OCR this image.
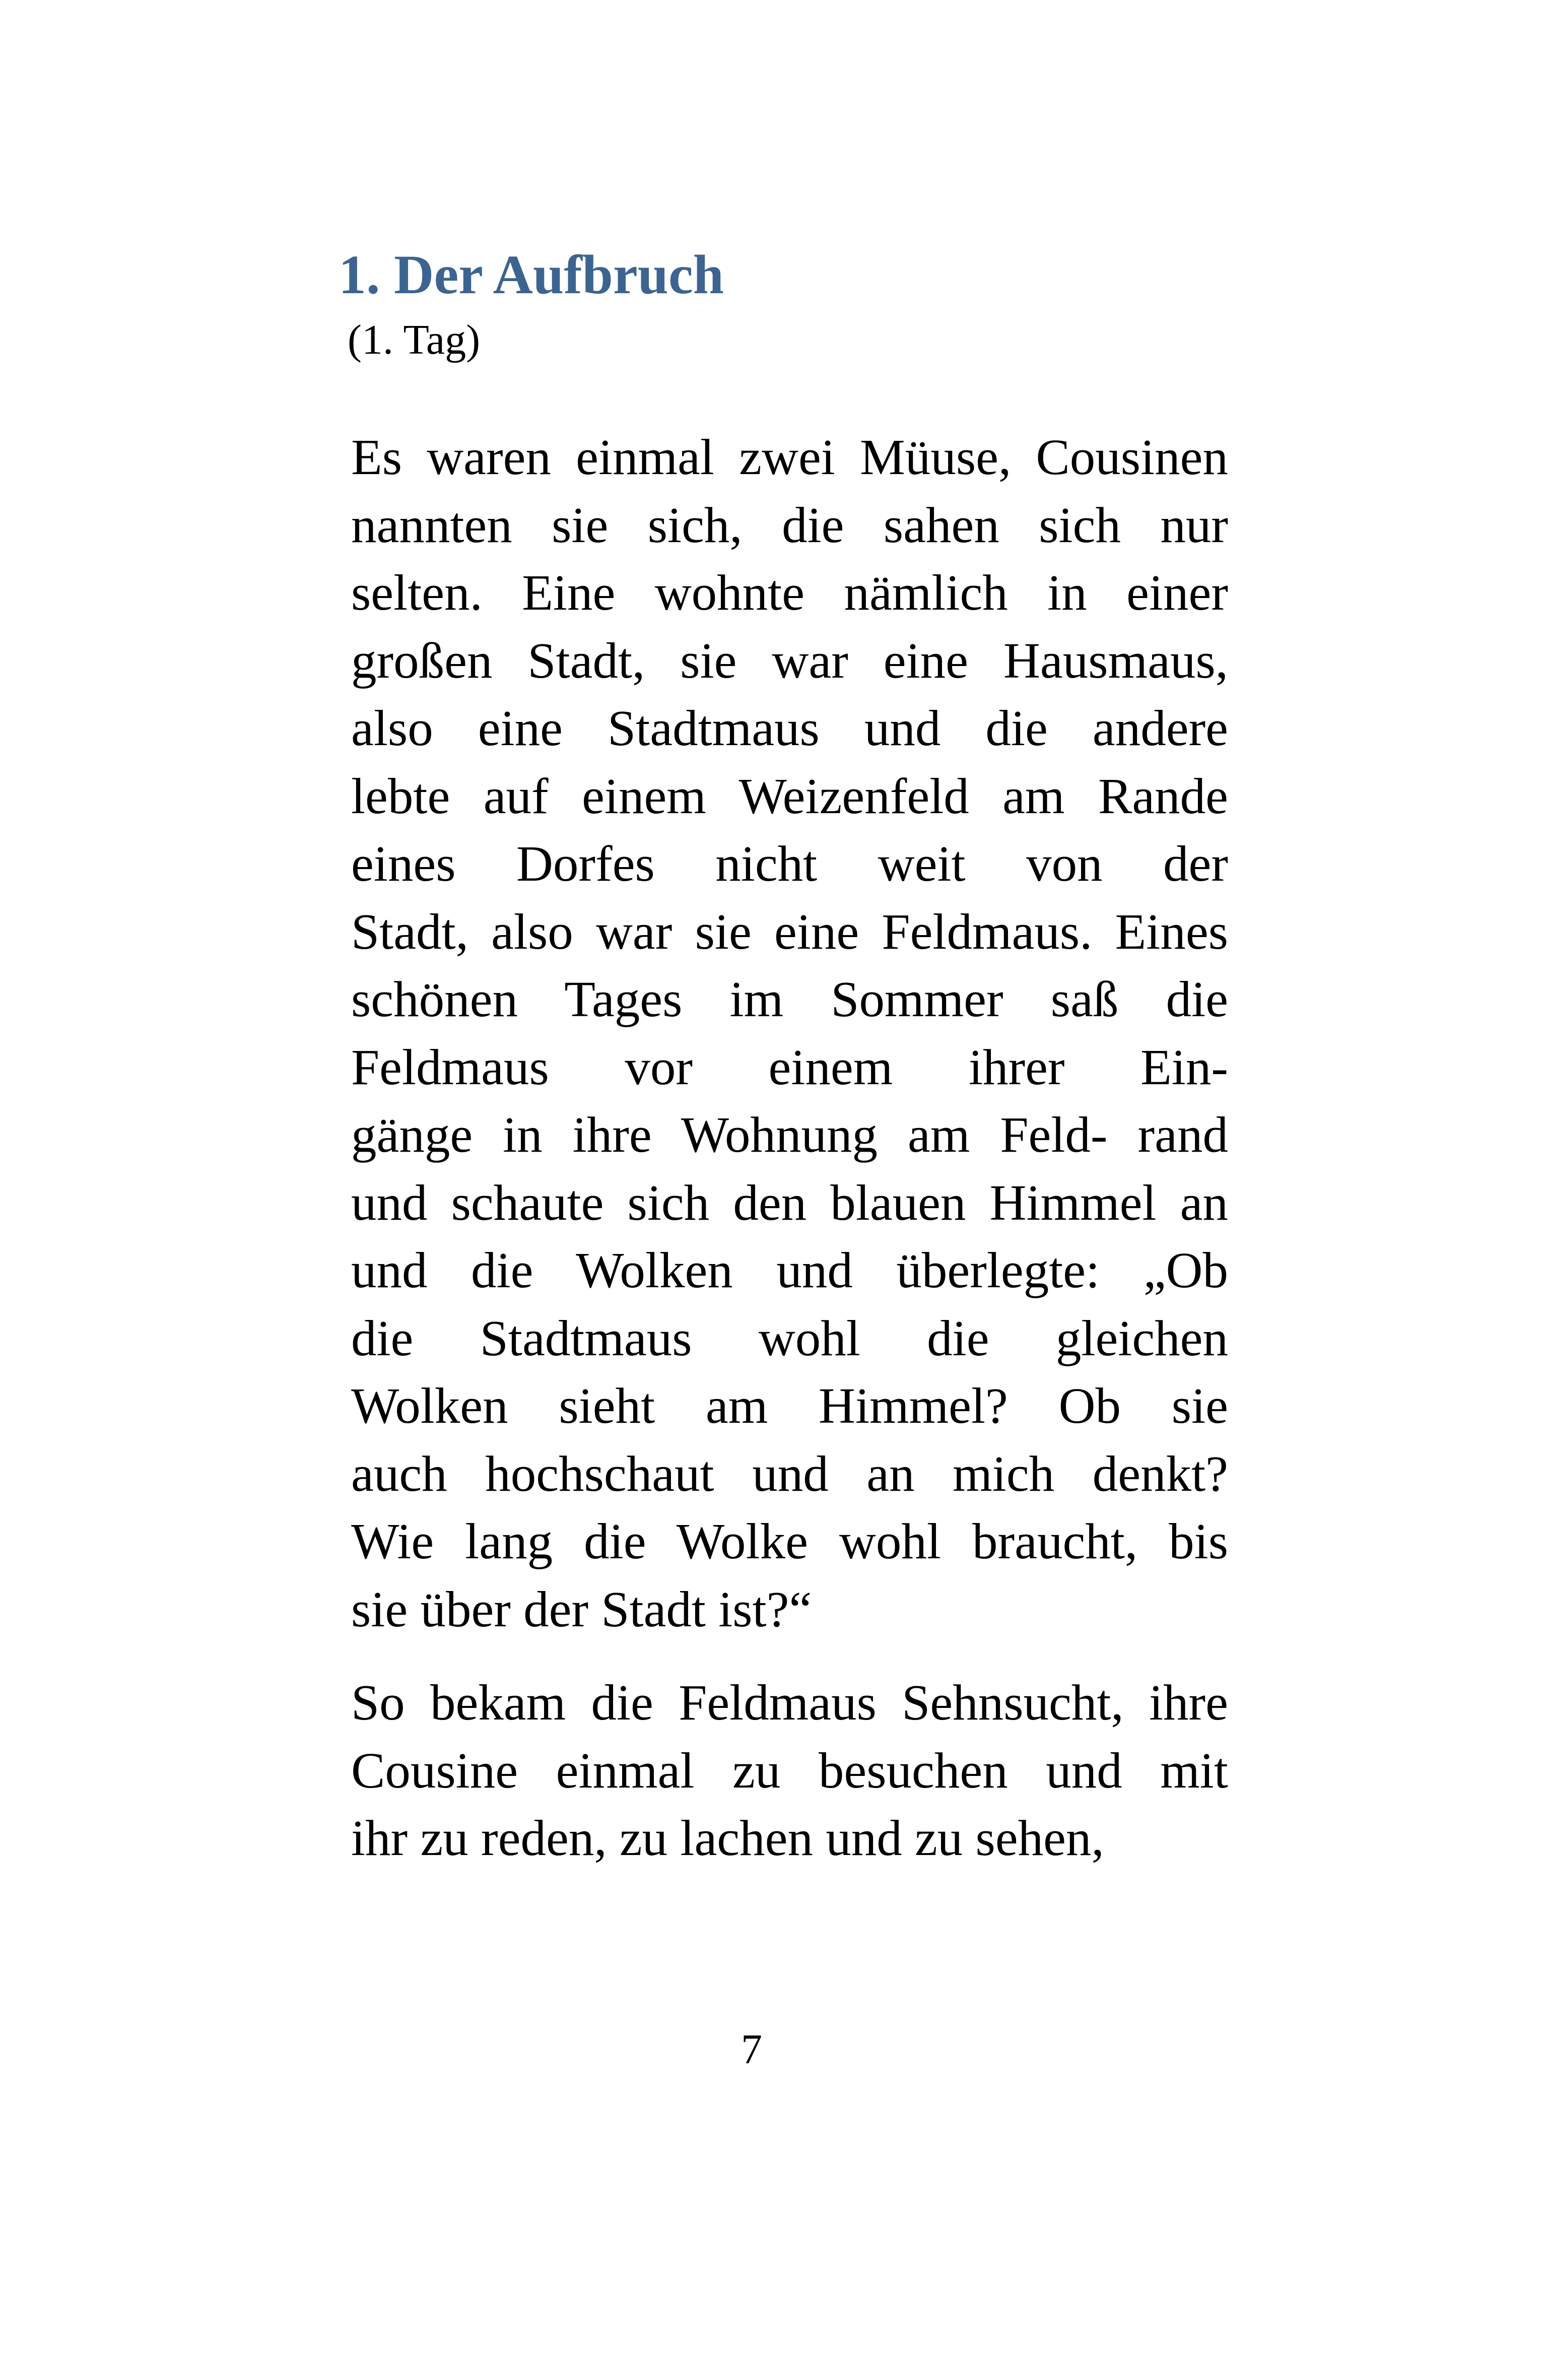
1. Der Aufbruch

(1. Tag)

Es waren einmal zwei Müuse, Cousinen
nannten sie sich, die sahen sich nur
selten. Eine wohnte nämlich in einer
großen Stadt, sie war eine Hausmaus,
also eine Stadtmaus und die andere
lebte auf einem Weizenfeld am Rande
eines Dorfes nicht weit von der
Stadt, also war sie eine Feldmaus. Eines
schönen Tages im Sommer saß die
Feldmaus vor einem ihrer Ein-
gänge in ihre Wohnung am Feld- rand
und schaute sich den blauen Himmel an
und die Wolken und überlegte: „Ob
die Stadtmaus wohl die gleichen
Wolken sieht am Himmel? Ob sie
auch hochschaut und an mich denkt?
Wie lang die Wolke wohl braucht, bis
sie über der Stadt ist?“
So bekam die Feldmaus Sehnsucht, ihre
Cousine einmal zu besuchen und mit
ihr zu reden, zu lachen und zu sehen,

7
